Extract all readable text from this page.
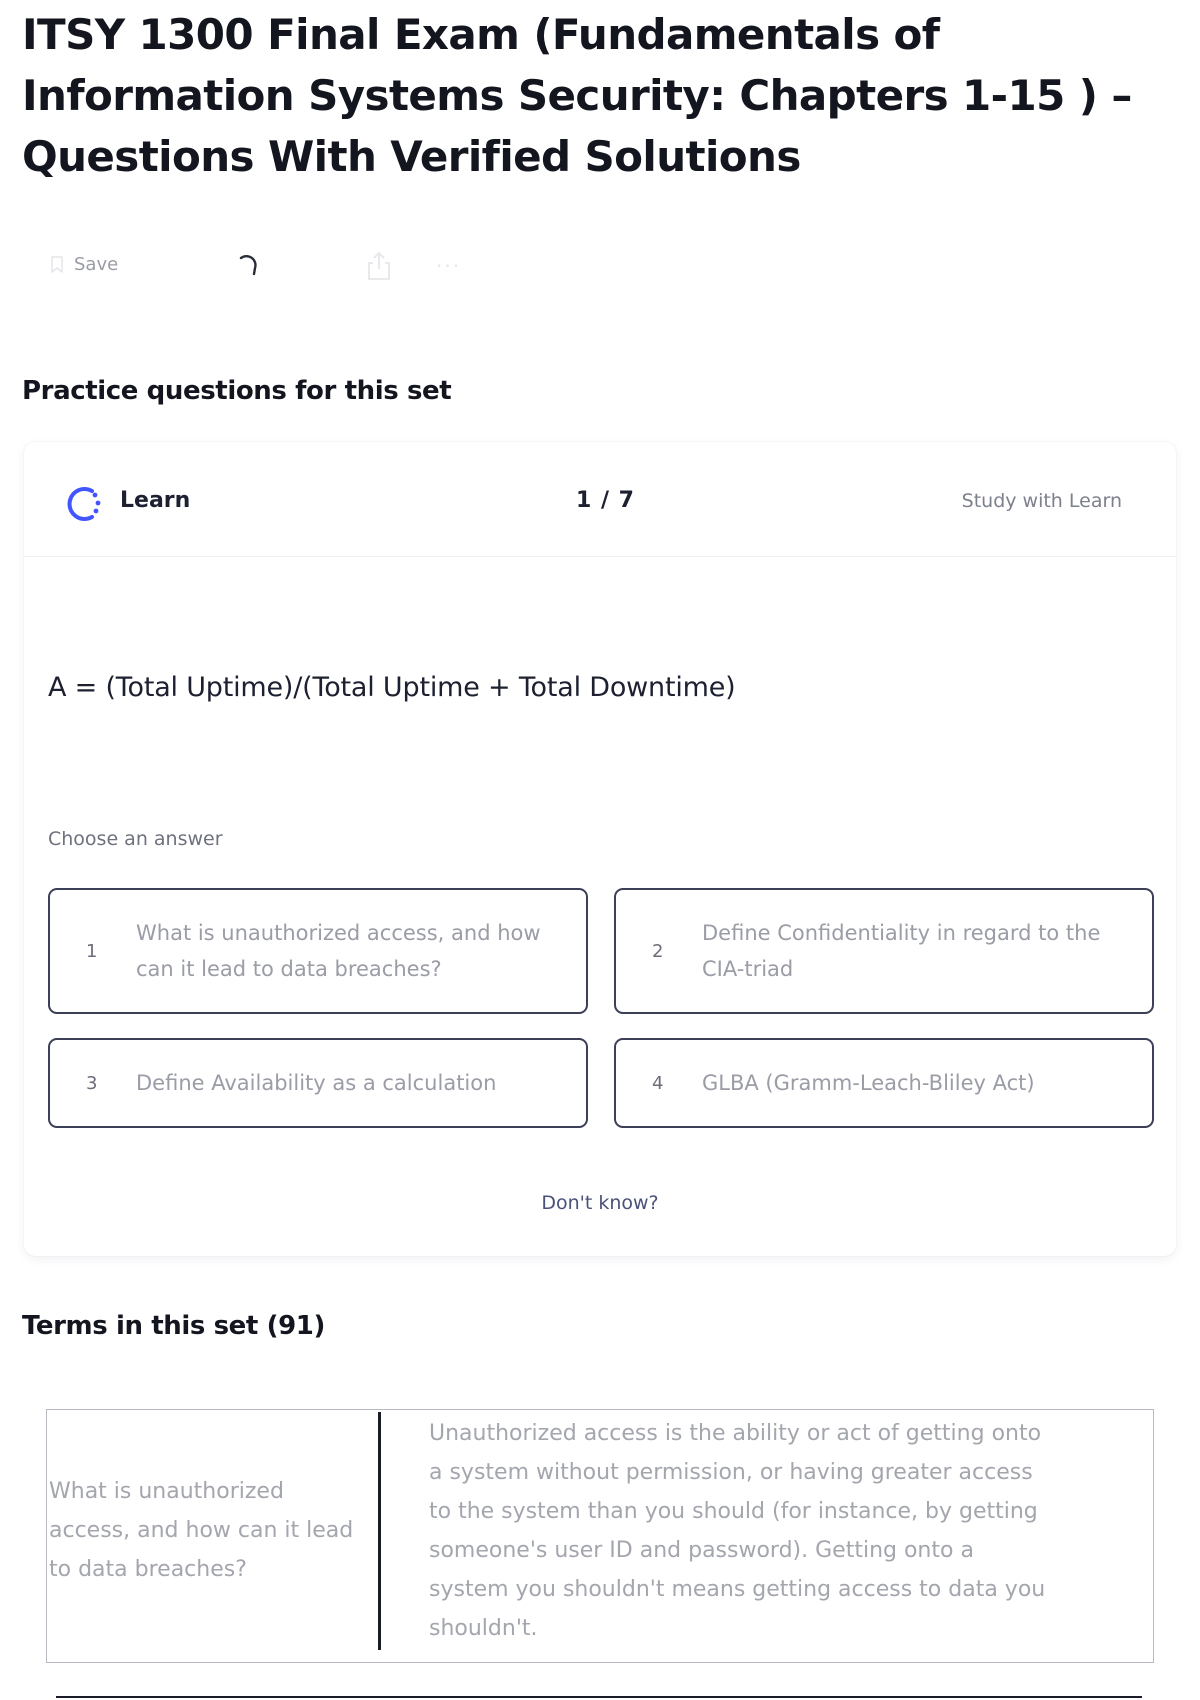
ITSY 1300 Final Exam (Fundamentals of Information Systems Security: Chapters 1-15 ) – Questions With Verified Solutions
Save	···
Practice questions for this set
Learn	1 / 7	Study with Learn
A = (Total Uptime)/(Total Uptime + Total Downtime)
Choose an answer
1
What is unauthorized access, and how can it lead to data breaches?
2
Define Confidentiality in regard to the CIA-triad
3 Define Availability as a calculation	4 GLBA (Gramm-Leach-Bliley Act)
Don't know?
Terms in this set (91)
What is unauthorized access, and how can it lead to data breaches?
Unauthorized access is the ability or act of getting onto a system without permission, or having greater access to the system than you should (for instance, by getting someone's user ID and password). Getting onto a system you shouldn't means getting access to data you shouldn't.
